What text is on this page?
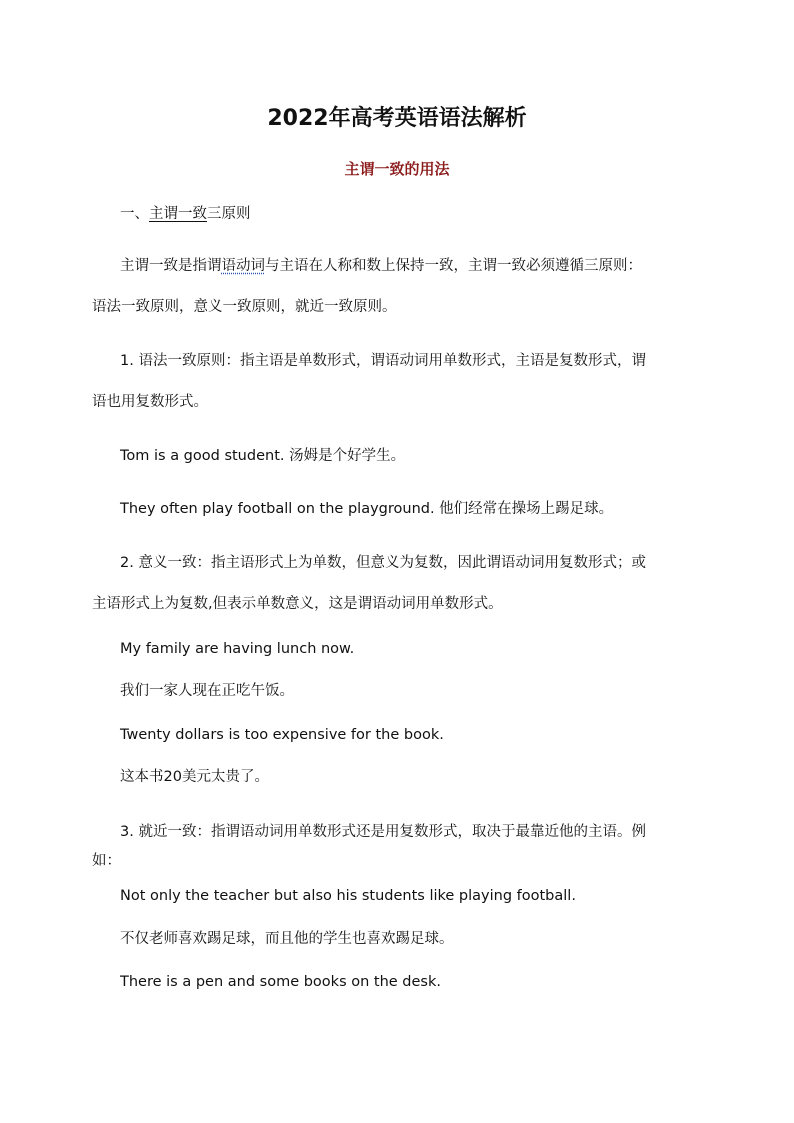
2022年高考英语语法解析
主谓一致的用法
一、主谓一致三原则
主谓一致是指谓语动词与主语在人称和数上保持一致，主谓一致必须遵循三原则：
语法一致原则，意义一致原则，就近一致原则。
1. 语法一致原则：指主语是单数形式，谓语动词用单数形式，主语是复数形式，谓
语也用复数形式。
Tom is a good student. 汤姆是个好学生。
They often play football on the playground. 他们经常在操场上踢足球。
2. 意义一致：指主语形式上为单数，但意义为复数，因此谓语动词用复数形式；或
主语形式上为复数,但表示单数意义，这是谓语动词用单数形式。
My family are having lunch now.
我们一家人现在正吃午饭。
Twenty dollars is too expensive for the book.
这本书20美元太贵了。
3. 就近一致：指谓语动词用单数形式还是用复数形式，取决于最靠近他的主语。例
如：
Not only the teacher but also his students like playing football.
不仅老师喜欢踢足球，而且他的学生也喜欢踢足球。
There is a pen and some books on the desk.
